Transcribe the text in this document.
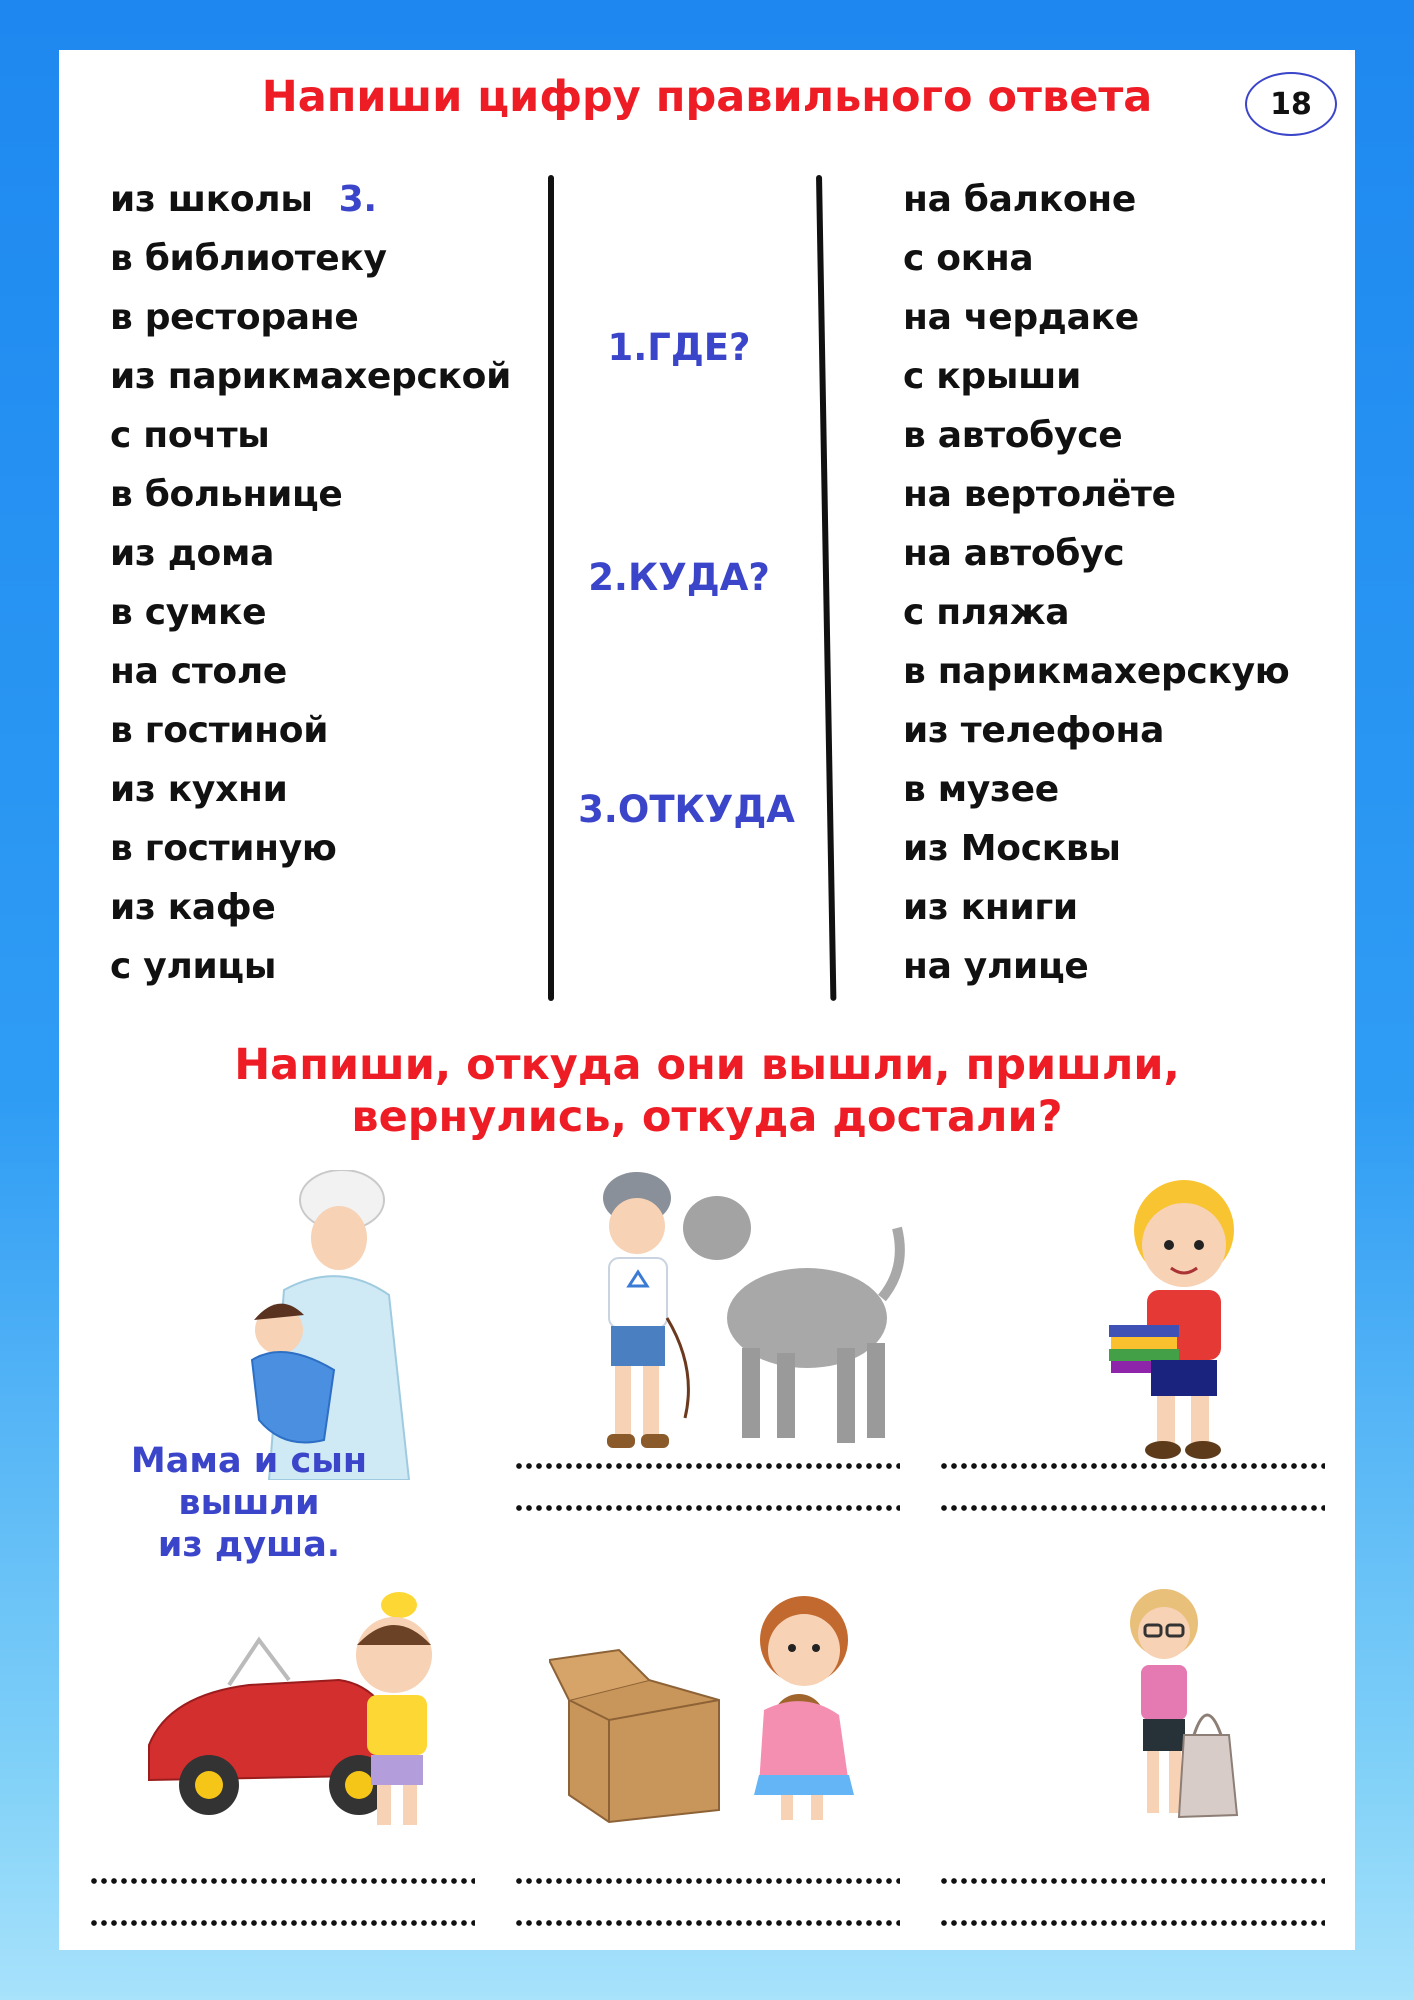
Напиши цифру правильного ответа	18
из школы 3.
в библиотеку
в ресторане
из парикмахерской
с почты
в больнице
из дома
в сумке
на столе
в гостиной
из кухни
в гостиную
из кафе
с улицы
1.ГДЕ?
2.КУДА?
3.ОТКУДА
на балконе
с окна
на чердаке
с крыши
в автобусе
на вертолёте
на автобус
с пляжа
в парикмахерскую
из телефона
в музее
из Москвы
из книги
на улице
Напиши, откуда они вышли, пришли,
вернулись, откуда достали?
Мама и сын вышли
из душа.
